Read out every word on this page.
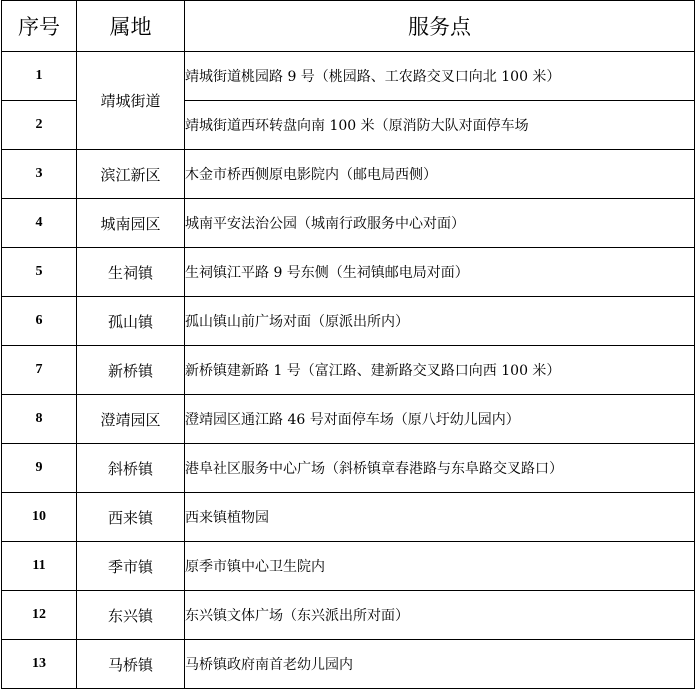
序号	属地	服务点
1	靖城街道	靖城街道桃园路 9 号（桃园路、工农路交叉口向北 100 米）
2		靖城街道西环转盘向南 100 米（原消防大队对面停车场
3	滨江新区	木金市桥西侧原电影院内（邮电局西侧）
4	城南园区	城南平安法治公园（城南行政服务中心对面）
5	生祠镇	生祠镇江平路 9 号东侧（生祠镇邮电局对面）
6	孤山镇	孤山镇山前广场对面（原派出所内）
7	新桥镇	新桥镇建新路 1 号（富江路、建新路交叉路口向西 100 米）
8	澄靖园区	澄靖园区通江路 46 号对面停车场（原八圩幼儿园内）
9	斜桥镇	港阜社区服务中心广场（斜桥镇章春港路与东阜路交叉路口）
10	西来镇	西来镇植物园
11	季市镇	原季市镇中心卫生院内
12	东兴镇	东兴镇文体广场（东兴派出所对面）
13	马桥镇	马桥镇政府南首老幼儿园内
